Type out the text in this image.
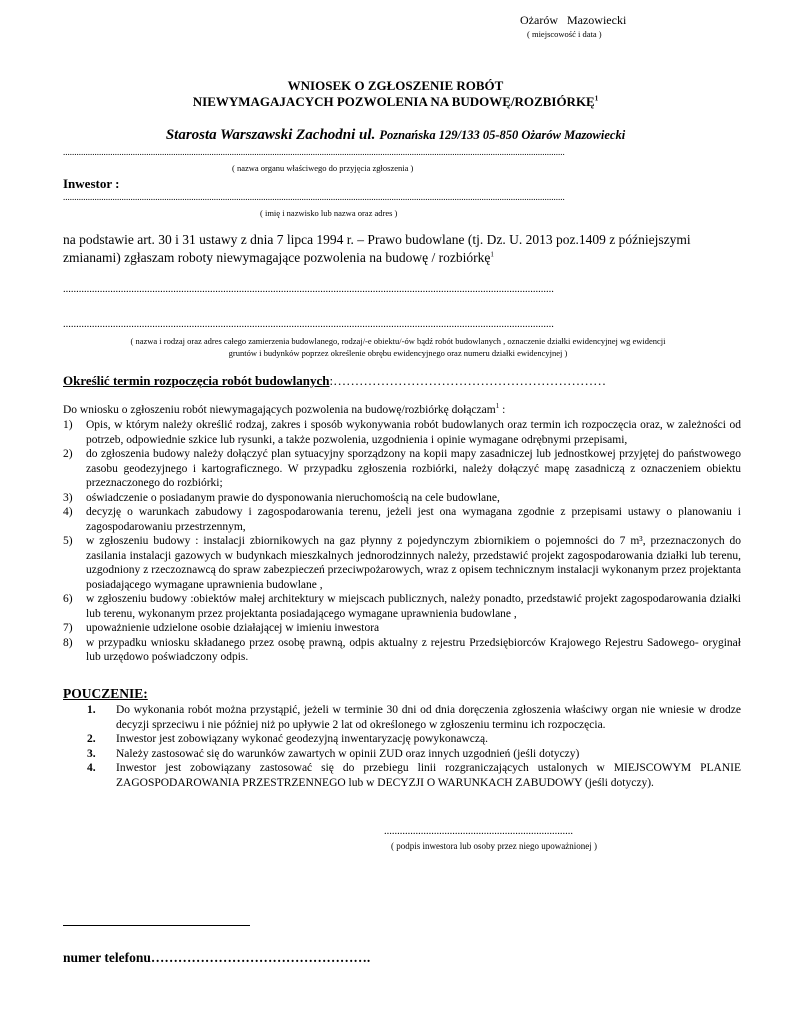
Ożarów   Mazowiecki
( miejscowość i data )
WNIOSEK O ZGŁOSZENIE ROBÓT
NIEWYMAGAJACYCH POZWOLENIA NA BUDOWĘ/ROZBIÓRKĘ$^1$
Starosta Warszawski Zachodni ul. Poznańska 129/133 05-850 Ożarów Mazowiecki
...............................................................................................................................................................................................................................
( nazwa organu właściwego do przyjęcia zgłoszenia )
Inwestor :
...............................................................................................................................................................................................................................
( imię i nazwisko lub nazwa oraz adres )
na podstawie art. 30 i 31 ustawy z dnia 7 lipca 1994 r. – Prawo budowlane (tj. Dz. U. 2013 poz.1409 z późniejszymi zmianami) zgłaszam roboty niewymagające pozwolenia na budowę / rozbiórkę$^1$
...........................................................................................................................................................................................
...........................................................................................................................................................................................
( nazwa i rodzaj oraz adres całego zamierzenia budowlanego, rodzaj/-e obiektu/-ów bądź robót budowlanych , oznaczenie działki ewidencyjnej wg ewidencji
gruntów i budynków poprzez określenie obrębu ewidencyjnego oraz numeru działki ewidencyjnej )
Określić termin rozpoczęcia robót budowlanych:………………………………………………………
Do wniosku o zgłoszeniu robót niewymagających pozwolenia na budowę/rozbiórkę dołączam$^1$ :
1) Opis, w którym należy określić rodzaj, zakres i sposób wykonywania robót budowlanych oraz termin ich rozpoczęcia oraz, w zależności od potrzeb, odpowiednie szkice lub rysunki, a także pozwolenia, uzgodnienia i opinie wymagane odrębnymi przepisami,
2) do zgłoszenia budowy należy dołączyć plan sytuacyjny sporządzony na kopii mapy zasadniczej lub jednostkowej przyjętej do państwowego zasobu geodezyjnego i kartograficznego. W przypadku zgłoszenia rozbiórki, należy dołączyć mapę zasadniczą z oznaczeniem obiektu przeznaczonego do rozbiórki;
3) oświadczenie o posiadanym prawie do dysponowania nieruchomością na cele budowlane,
4) decyzję o warunkach zabudowy i zagospodarowania terenu, jeżeli jest ona wymagana zgodnie z przepisami ustawy o planowaniu i zagospodarowaniu przestrzennym,
5) w zgłoszeniu budowy : instalacji zbiornikowych na gaz płynny z pojedynczym zbiornikiem o pojemności do 7 m³, przeznaczonych do zasilania instalacji gazowych w budynkach mieszkalnych jednorodzinnych należy, przedstawić projekt zagospodarowania działki lub terenu, uzgodniony z rzeczoznawcą do spraw zabezpieczeń przeciwpożarowych, wraz z opisem technicznym instalacji wykonanym przez projektanta posiadającego wymagane uprawnienia budowlane ,
6) w zgłoszeniu budowy :obiektów małej architektury w miejscach publicznych, należy ponadto, przedstawić projekt zagospodarowania działki lub terenu, wykonanym przez projektanta posiadającego wymagane uprawnienia budowlane ,
7) upoważnienie udzielone osobie działającej w imieniu inwestora
8) w przypadku wniosku składanego przez osobę prawną, odpis aktualny z rejestru Przedsiębiorców Krajowego Rejestru Sadowego- oryginał lub urzędowo poświadczony odpis.
POUCZENIE:
1. Do wykonania robót można przystąpić, jeżeli w terminie 30 dni od dnia doręczenia zgłoszenia właściwy organ nie wniesie w drodze decyzji sprzeciwu i nie później niż po upływie 2 lat od określonego w zgłoszeniu terminu ich rozpoczęcia.
2. Inwestor jest zobowiązany wykonać geodezyjną inwentaryzację powykonawczą.
3. Należy zastosować się do warunków zawartych w opinii ZUD oraz innych uzgodnień (jeśli dotyczy)
4. Inwestor jest zobowiązany zastosować się do przebiegu linii rozgraniczających ustalonych w MIEJSCOWYM PLANIE ZAGOSPODAROWANIA PRZESTRZENNEGO lub w DECYZJI O WARUNKACH ZABUDOWY (jeśli dotyczy).
........................................................................
( podpis inwestora lub osoby przez niego upoważnionej )
numer telefonu………………………………………….
